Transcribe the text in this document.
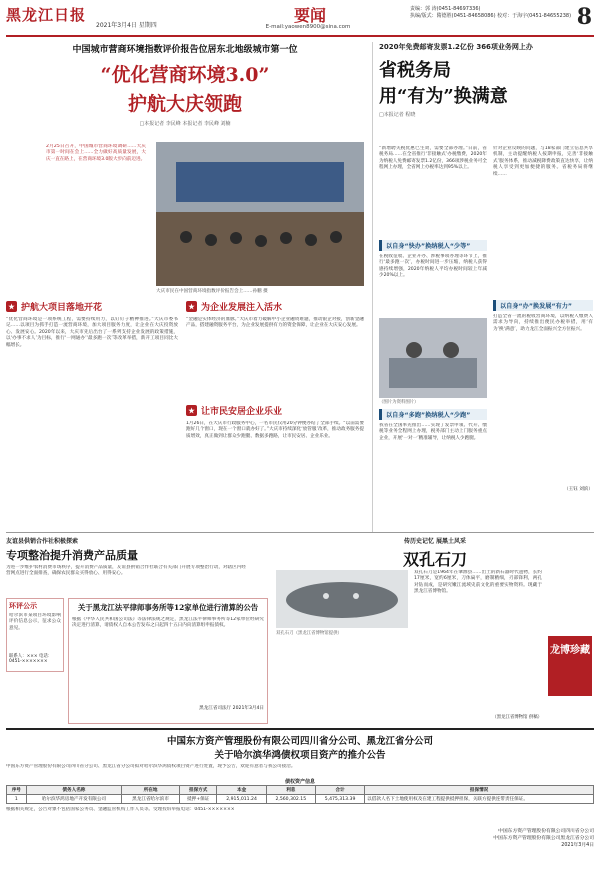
黑龙江日报
2021年3月4日 星期四
要闻
E-mail:yaowen8900@sina.com
责编：郭 涛(0451-84697336)
执编/版式：隋德胜(0451-84658086) 校对：于海宇(0451-84655238) 8
中国城市营商环境指数评价报告位居东北地级城市第一位
“优化营商环境3.0”
护航大庆领跑
□本报记者 李民峰 本报记者 李民峰 刘楠
2月25日召开，中国城市营商环境调研……大庆市第一时间在会上……全力做好高质量发展，大庆一直在路上，在营商环境3.0版大步向前迈进。
大庆市民在中国营商环境指数评价报告会上……孙鹏 摄
★ 护航大项目落地开花
“优化营商环境是一项系统工程，需要持续用力，以钉钉子精神推进。”大庆市委书记……以项目为抓手打造一流营商环境，加大项目服务力度，让企业在大庆投资放心、发展安心。2020年以来，大庆市先后出台了一系列支持企业发展的政策措施，以‘办事不求人’为目标，推行‘一网通办’‘最多跑一次’等改革举措，新开工项目同比大幅增长。
★ 为企业发展注入活水
“金融是实体经济的血脉。”大庆市着力破解中小企业融资难题，推动银企对接，创新金融产品，搭建融资服务平台，为企业发展提供有力的资金保障，让企业在大庆安心发展。
★ 让市民安居企业乐业
1月26日，在大庆市行政服务中心，一名市民仅用20分钟便办结了全部手续。“以前需要跑好几个窗口，现在一个窗口就办好了。”大庆市持续深化‘放管服’改革，推动政务服务提质增效，真正做到让群众少跑腿、数据多跑路，让市民安居、企业乐业。
2020年免费邮寄发票1.2亿份 366项业务网上办
省税务局
用“有为”换满意
□本报记者 程晓
“新增聘关税优惠已生效，需要全部办理。”日前，省税务局……在全省推行‘非接触式’办税缴费，2020年为纳税人免费邮寄发票1.2亿份，366项涉税业务可全程网上办理，全省网上办税率达到95%以上。
以自身“快办”换纳税人“少等”
在税收征收、企业开办、涉税事项办理等环节上，推行‘最多跑一次’，办税时间进一步压缩，纳税人获得感持续增强，2020年纳税人平均办税时间较上年减少20%以上。
（图片为资料图片）
以自身“多跑”换纳税人“少跑”
我省在全国率先推出……实现了发票申领、代开、缴税等业务全程网上办理，税务部门主动上门服务重点企业，开展‘一对一’精准辅导，让纳税人少跑腿。
针对企业反映的问题，与18家部门建立信息共享机制，主动提醒纳税人按期申报，完善‘非接触式’服务体系，推动减税降费政策直达快享，让纳税人享受到更加便捷的服务。省税务局将继续……
以自身“办”换发展“有力”
打造全省一流的税收营商环境，以纳税人缴费人需求为导向，持续推出便民办税举措，用‘有为’换‘满意’，助力龙江全面振兴全方位振兴。
（王钰 刘滨）
友谊县供销合作社积极探索
专项整治提升消费产品质量
为进一步维护农村消费市场秩序，提升消费产品质量，友谊县供销合作社联合有关部门开展专项整治行动，对辖区内经营网点进行全面排查，确保农民群众买得放心、用得安心。
环评公示
哈尔滨市某项目环境影响评价信息公示，征求公众意见。
联系人：××× 电话：0451-×××××××
关于黑龙江法平律师事务所等12家单位进行清算的公告
根据《中华人民共和国公司法》等法律法规之规定，黑龙江法平律师事务所等12家单位经研究决定进行清算，请债权人自本公告发布之日起四十五日内向清算组申报债权。
黑龙江省司法厅 2021年3月4日
传历史记忆 展黑土风采
双孔石刀
双孔石刀（黑龙江省博物馆提供）
双孔石刀是1964年在肇源县……出土的新石器时代遗物，长约17厘米，宽约6厘米，刀体扁平，磨制精细，刃部锋利，两孔对钻而成，是研究嫩江流域史前文化的重要实物资料。现藏于黑龙江省博物馆。
龙博珍藏
（黑龙江省博物馆 供稿）
中国东方资产管理股份有限公司四川省分公司、黑龙江省分公司
关于哈尔滨华鸿债权项目资产的推介公告
中国东方资产管理股份有限公司四川省分公司、黑龙江省分公司拟对哈尔滨华鸿债权项目资产进行处置，现予公告，欢迎有意者与我公司接洽。
债权资产信息
序号	债务人名称	所在地	担保方式	本金	利息	合计	担保情况
1	哈尔滨华鸿房地产开发有限公司	黑龙江省哈尔滨市	抵押+保证	2,915,011.24	2,560,302.15	5,475,313.39	以借款人名下土地使用权及在建工程提供抵押担保，关联方提供连带责任保证。
根据相关规定，公告对象不包括国家公务员、金融监管机构工作人员等。受理投诉举报电话：0451-×××××××
中国东方资产管理股份有限公司四川省分公司
中国东方资产管理股份有限公司黑龙江省分公司
2021年3月4日
